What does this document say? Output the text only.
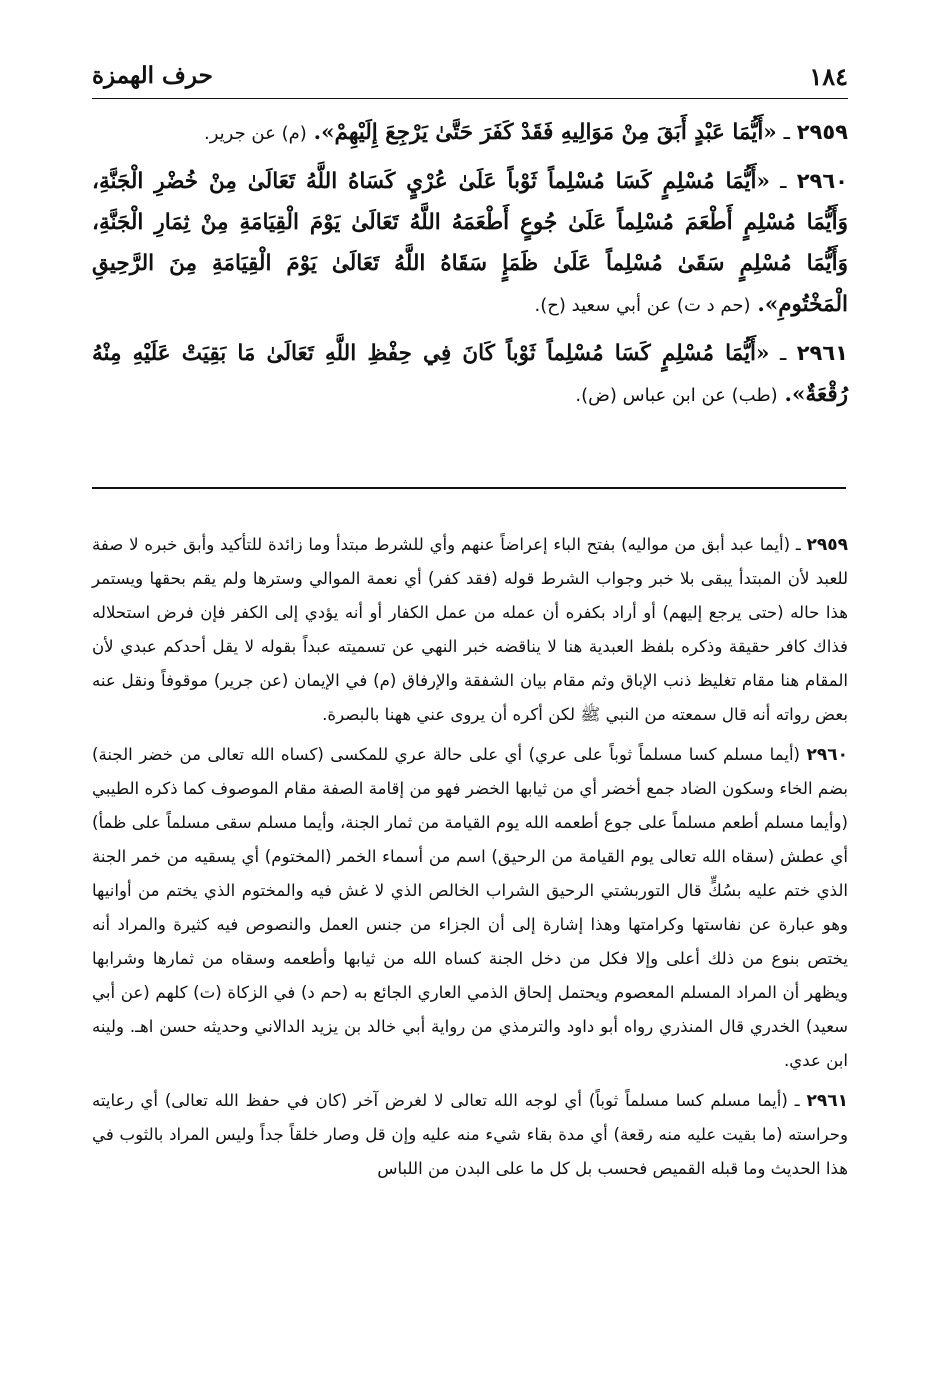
١٨٤
حرف الهمزة

٢٩٥٩ ـ «أَيُّمَا عَبْدٍ أَبَقَ مِنْ مَوَالِيهِ فَقَدْ كَفَرَ حَتَّىٰ يَرْجِعَ إِلَيْهِمْ». (م) عن جرير.

٢٩٦٠ ـ «أَيُّمَا مُسْلِمٍ كَسَا مُسْلِماً ثَوْباً عَلَىٰ عُرْيٍ كَسَاهُ اللَّهُ تَعَالَىٰ مِنْ خُضْرِ الْجَنَّةِ، وَأَيُّمَا مُسْلِمٍ أَطْعَمَ مُسْلِماً عَلَىٰ جُوعٍ أَطْعَمَهُ اللَّهُ تَعَالَىٰ يَوْمَ الْقِيَامَةِ مِنْ ثِمَارِ الْجَنَّةِ، وَأَيُّمَا مُسْلِمٍ سَقَىٰ مُسْلِماً عَلَىٰ ظَمَإٍ سَقَاهُ اللَّهُ تَعَالَىٰ يَوْمَ الْقِيَامَةِ مِنَ الرَّحِيقِ الْمَخْتُومِ». (حم د ت) عن أبي سعيد (ح).

٢٩٦١ ـ «أَيُّمَا مُسْلِمٍ كَسَا مُسْلِماً ثَوْباً كَانَ فِي حِفْظِ اللَّهِ تَعَالَىٰ مَا بَقِيَتْ عَلَيْهِ مِنْهُ رُقْعَةٌ». (طب) عن ابن عباس (ض).

٢٩٥٩ ـ (أيما عبد أبق من مواليه) بفتح الباء إعراضاً عنهم وأي للشرط مبتدأ وما زائدة للتأكيد وأبق خبره لا صفة للعبد لأن المبتدأ يبقى بلا خبر وجواب الشرط قوله (فقد كفر) أي نعمة الموالي وسترها ولم يقم بحقها ويستمر هذا حاله (حتى يرجع إليهم) أو أراد بكفره أن عمله من عمل الكفار أو أنه يؤدي إلى الكفر فإن فرض استحلاله فذاك كافر حقيقة وذكره بلفظ العبدية هنا لا يناقضه خبر النهي عن تسميته عبداً بقوله لا يقل أحدكم عبدي لأن المقام هنا مقام تغليظ ذنب الإباق وثم مقام بيان الشفقة والإرفاق (م) في الإيمان (عن جرير) موقوفاً ونقل عنه بعض رواته أنه قال سمعته من النبي ﷺ لكن أكره أن يروى عني ههنا بالبصرة.

٢٩٦٠ (أيما مسلم كسا مسلماً ثوباً على عري) أي على حالة عري للمكسى (كساه الله تعالى من خضر الجنة) بضم الخاء وسكون الضاد جمع أخضر أي من ثيابها الخضر فهو من إقامة الصفة مقام الموصوف كما ذكره الطيبي (وأيما مسلم أطعم مسلماً على جوع أطعمه الله يوم القيامة من ثمار الجنة، وأيما مسلم سقى مسلماً على ظمأ) أي عطش (سقاه الله تعالى يوم القيامة من الرحيق) اسم من أسماء الخمر (المختوم) أي يسقيه من خمر الجنة الذي ختم عليه بسُكٍّ قال التوربشتي الرحيق الشراب الخالص الذي لا غش فيه والمختوم الذي يختم من أوانيها وهو عبارة عن نفاستها وكرامتها وهذا إشارة إلى أن الجزاء من جنس العمل والنصوص فيه كثيرة والمراد أنه يختص بنوع من ذلك أعلى وإلا فكل من دخل الجنة كساه الله من ثيابها وأطعمه وسقاه من ثمارها وشرابها ويظهر أن المراد المسلم المعصوم ويحتمل إلحاق الذمي العاري الجائع به (حم د) في الزكاة (ت) كلهم (عن أبي سعيد) الخدري قال المنذري رواه أبو داود والترمذي من رواية أبي خالد بن يزيد الدالاني وحديثه حسن اهـ. ولينه ابن عدي.

٢٩٦١ ـ (أيما مسلم كسا مسلماً ثوباً) أي لوجه الله تعالى لا لغرض آخر (كان في حفظ الله تعالى) أي رعايته وحراسته (ما بقيت عليه منه رقعة) أي مدة بقاء شيء منه عليه وإن قل وصار خلقاً جداً وليس المراد بالثوب في هذا الحديث وما قبله القميص فحسب بل كل ما على البدن من اللباس
